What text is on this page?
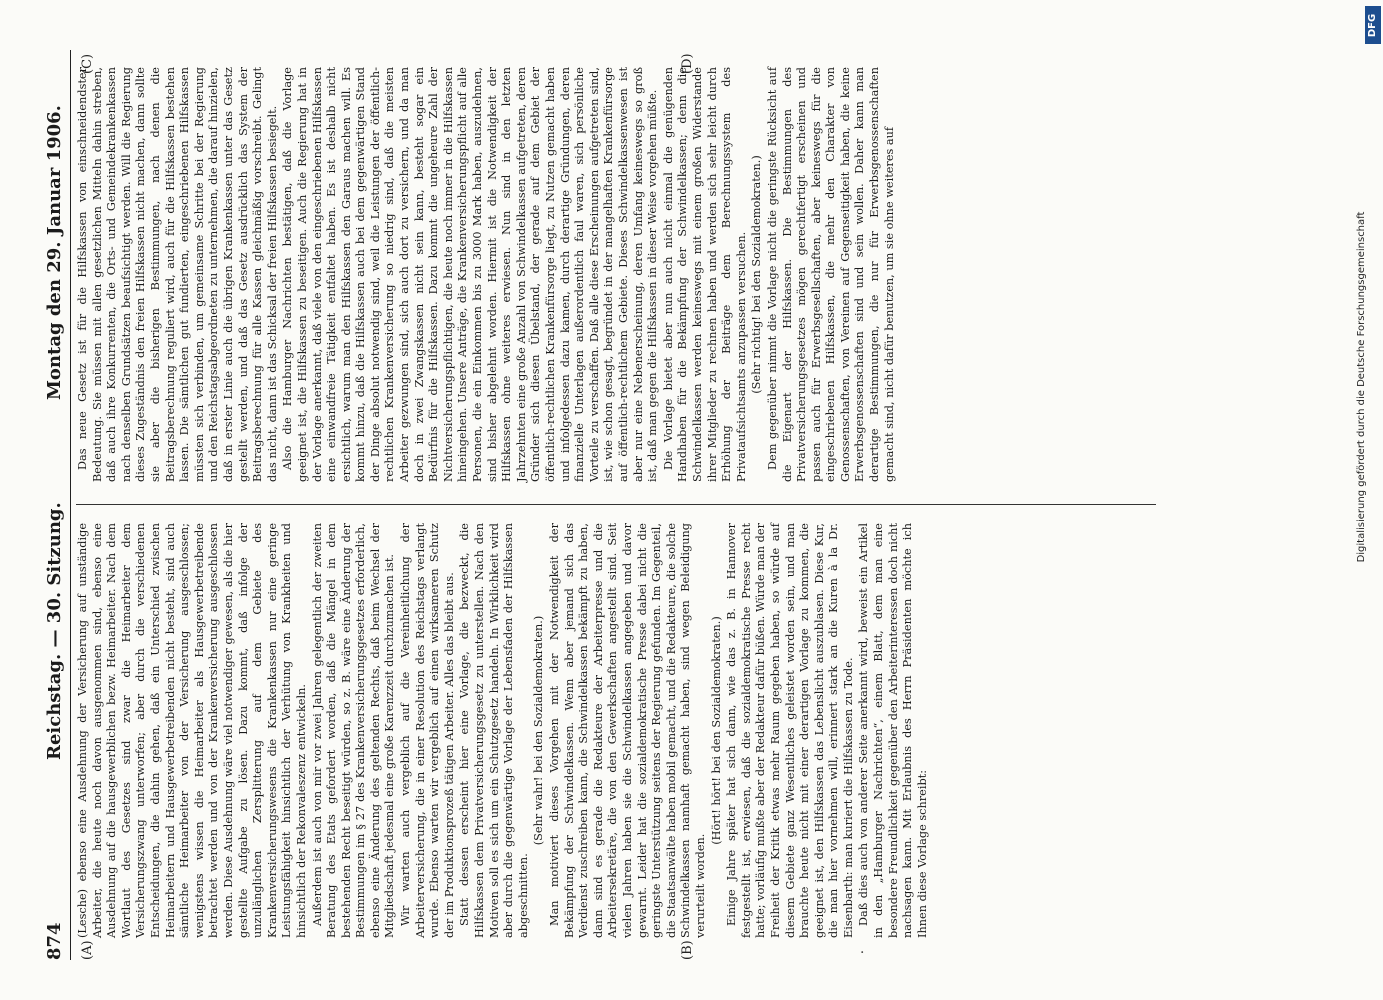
874
Reichstag. — 30. Sitzung.
Montag den 29. Januar 1906.

(Lesche) ebenso eine Ausdehnung der Versicherung auf unständige Arbeiter, die heute noch davon ausgenommen sind, ebenso eine Ausdehnung auf die hausgewerblichen bezw. Heimarbeiter. Nach dem Wortlaut des Gesetzes sind zwar die Heimarbeiter dem Versicherungszwang unterworfen; aber durch die verschiedenen Entscheidungen, die dahin gehen, daß ein Unterschied zwischen Heimarbeitern und Hausgewerbetreibenden nicht besteht, sind auch sämtliche Heimarbeiter von der Versicherung ausgeschlossen; wenigstens wissen die Heimarbeiter als Hausgewerbetreibende betrachtet werden und von der Krankenversicherung ausgeschlossen werden. Diese Ausdehnung wäre viel notwendiger gewesen, als die hier gestellte Aufgabe zu lösen. Dazu kommt, daß infolge der unzulänglichen Zersplitterung auf dem Gebiete des Krankenversicherungswesens die Krankenkassen nur eine geringe Leistungsfähigkeit hinsichtlich der Verhütung von Krankheiten und hinsichtlich der Rekonvaleszenz entwickeln. Außerdem ist auch von mir vor zwei Jahren gelegentlich der zweiten Beratung des Etats gefordert worden, daß die Mängel in dem bestehenden Recht beseitigt würden, so z. B. wäre eine Änderung der Bestimmungen im § 27 des Krankenversicherungsgesetzes erforderlich, ebenso eine Änderung des geltenden Rechts, daß beim Wechsel der Mitgliedschaft jedesmal eine große Karenzzeit durchzumachen ist. Wir warten auch vergeblich auf die Vereinheitlichung der Arbeiterversicherung, die in einer Resolution des Reichstags verlangt wurde. Ebenso warten wir vergeblich auf einen wirksameren Schutz der im Produktionsprozeß tätigen Arbeiter. Alles das bleibt aus. Statt dessen erscheint hier eine Vorlage, die bezweckt, die Hilfskassen dem Privatversicherungsgesetz zu unterstellen. Nach den Motiven soll es sich um ein Schutzgesetz handeln. In Wirklichkeit wird aber durch die gegenwärtige Vorlage der Lebensfaden der Hilfskassen abgeschnitten.

(Sehr wahr! bei den Sozialdemokraten.) Man motiviert dieses Vorgehen mit der Notwendigkeit der Bekämpfung der Schwindelkassen. Wenn aber jemand sich das Verdienst zuschreiben kann, die Schwindelkassen bekämpft zu haben, dann sind es gerade die Redakteure der Arbeiterpresse und die Arbeitersekretäre, die von den Gewerkschaften angestellt sind. Seit vielen Jahren haben sie die Schwindelkassen angegeben und davor gewarnt. Leider hat die sozialdemokratische Presse dabei nicht die geringste Unterstützung seitens der Regierung gefunden. Im Gegenteil, die Staatsanwälte haben mobil gemacht, und die Redakteure, die solche Schwindelkassen namhaft gemacht haben, sind wegen Beleidigung verurteilt worden.

(Hört! hört! bei den Sozialdemokraten.) Einige Jahre später hat sich dann, wie das z. B. in Hannover festgestellt ist, erwiesen, daß die sozialdemokratische Presse recht hatte; vorläufig mußte aber der Redakteur dafür büßen. Würde man der Freiheit der Kritik etwas mehr Raum gegeben haben, so würde auf diesem Gebiete ganz Wesentliches geleistet worden sein, und man brauchte heute nicht mit einer derartigen Vorlage zu kommen, die geeignet ist, den Hilfskassen das Lebenslicht auszublasen. Diese Kur, die man hier vornehmen will, erinnert stark an die Kuren à la Dr. Eisenbarth: man kuriert die Hilfskassen zu Tode. Daß dies auch von anderer Seite anerkannt wird, beweist ein Artikel in den „Hamburger Nachrichten“, einem Blatt, dem man eine besondere Freundlichkeit gegenüber den Arbeiterinteressen doch nicht nachsagen kann. Mit Erlaubnis des Herrn Präsidenten möchte ich Ihnen diese Vorlage schreibt:

Das neue Gesetz ist für die Hilfskassen von einschneidendster Bedeutung. Sie müssen mit allen gesetzlichen Mitteln dahin streben, daß auch ihre Konkurrenten, die Orts- und Gemeindekrankenkassen nach denselben Grundsätzen beaufsichtigt werden. Will die Regierung dieses Zugeständnis den freien Hilfskassen nicht machen, dann sollte sie aber die bisherigen Bestimmungen, nach denen die Beitragsberechnung reguliert wird, auch für die Hilfskassen bestehen lassen. Die sämtlichen gut fundierten, eingeschriebenen Hilfskassen müssten sich verbinden, um gemeinsame Schritte bei der Regierung und den Reichstagsabgeordneten zu unternehmen, die darauf hinzielen, daß in erster Linie auch die übrigen Krankenkassen unter das Gesetz gestellt werden, und daß das Gesetz ausdrücklich das System der Beitragsberechnung für alle Kassen gleichmäßig vorschreibt. Gelingt das nicht, dann ist das Schicksal der freien Hilfskassen besiegelt. Also die Hamburger Nachrichten bestätigen, daß die Vorlage geeignet ist, die Hilfskassen zu beseitigen. Auch die Regierung hat in der Vorlage anerkannt, daß viele von den eingeschriebenen Hilfskassen eine einwandfreie Tätigkeit entfaltet haben. Es ist deshalb nicht ersichtlich, warum man den Hilfskassen den Garaus machen will. Es kommt hinzu, daß die Hilfskassen auch bei dem gegenwärtigen Stand der Dinge absolut notwendig sind, weil die Leistungen der öffentlich-rechtlichen Krankenversicherung so niedrig sind, daß die meisten Arbeiter gezwungen sind, sich auch dort zu versichern, und da man doch in zwei Zwangskassen nicht sein kann, besteht sogar ein Bedürfnis für die Hilfskassen. Dazu kommt die ungeheure Zahl der Nichtversicherungspflichtigen, die heute noch immer in die Hilfskassen hineingehen. Unsere Anträge, die Krankenversicherungspflicht auf alle Personen, die ein Einkommen bis zu 3000 Mark haben, auszudehnen, sind bisher abgelehnt worden. Hiermit ist die Notwendigkeit der Hilfskassen ohne weiteres erwiesen. Nun sind in den letzten Jahrzehnten eine große Anzahl von Schwindelkassen aufgetreten, deren Gründer sich diesen Übelstand, der gerade auf dem Gebiet der öffentlich-rechtlichen Krankenfürsorge liegt, zu Nutzen gemacht haben und infolgedessen dazu kamen, durch derartige Gründungen, deren finanzielle Unterlagen außerordentlich faul waren, sich persönliche Vorteile zu verschaffen. Daß alle diese Erscheinungen aufgetreten sind, ist, wie schon gesagt, begründet in der mangelhaften Krankenfürsorge auf öffentlich-rechtlichem Gebiete. Dieses Schwindelkassenwesen ist aber nur eine Nebenerscheinung, deren Umfang keineswegs so groß ist, daß man gegen die Hilfskassen in dieser Weise vorgehen müßte. Die Vorlage bietet aber nun auch nicht einmal die genügenden Handhaben für die Bekämpfung der Schwindelkassen; denn die Schwindelkassen werden keineswegs mit einem großen Widerstande ihrer Mitglieder zu rechnen haben und werden sich sehr leicht durch Erhöhung der Beiträge dem Berechnungssystem des Privataufsichtsamts anzupassen versuchen. (Sehr richtig! bei den Sozialdemokraten.) Dem gegenüber nimmt die Vorlage nicht die geringste Rücksicht auf die Eigenart der Hilfskassen. Die Bestimmungen des Privatversicherungsgesetzes mögen gerechtfertigt erscheinen und passen auch für Erwerbsgesellschaften, aber keineswegs für die eingeschriebenen Hilfskassen, die mehr den Charakter von Genossenschaften, von Vereinen auf Gegenseitigkeit haben, die keine Erwerbsgenossenschaften sind und sein wollen. Daher kann man derartige Bestimmungen, die nur für Erwerbsgenossenschaften gemacht sind, nicht dafür benutzen, um sie ohne weiteres auf

(A)	(B)
(C)	(D)
·
DFG
Digitalisierung gefördert durch die Deutsche Forschungsgemeinschaft
